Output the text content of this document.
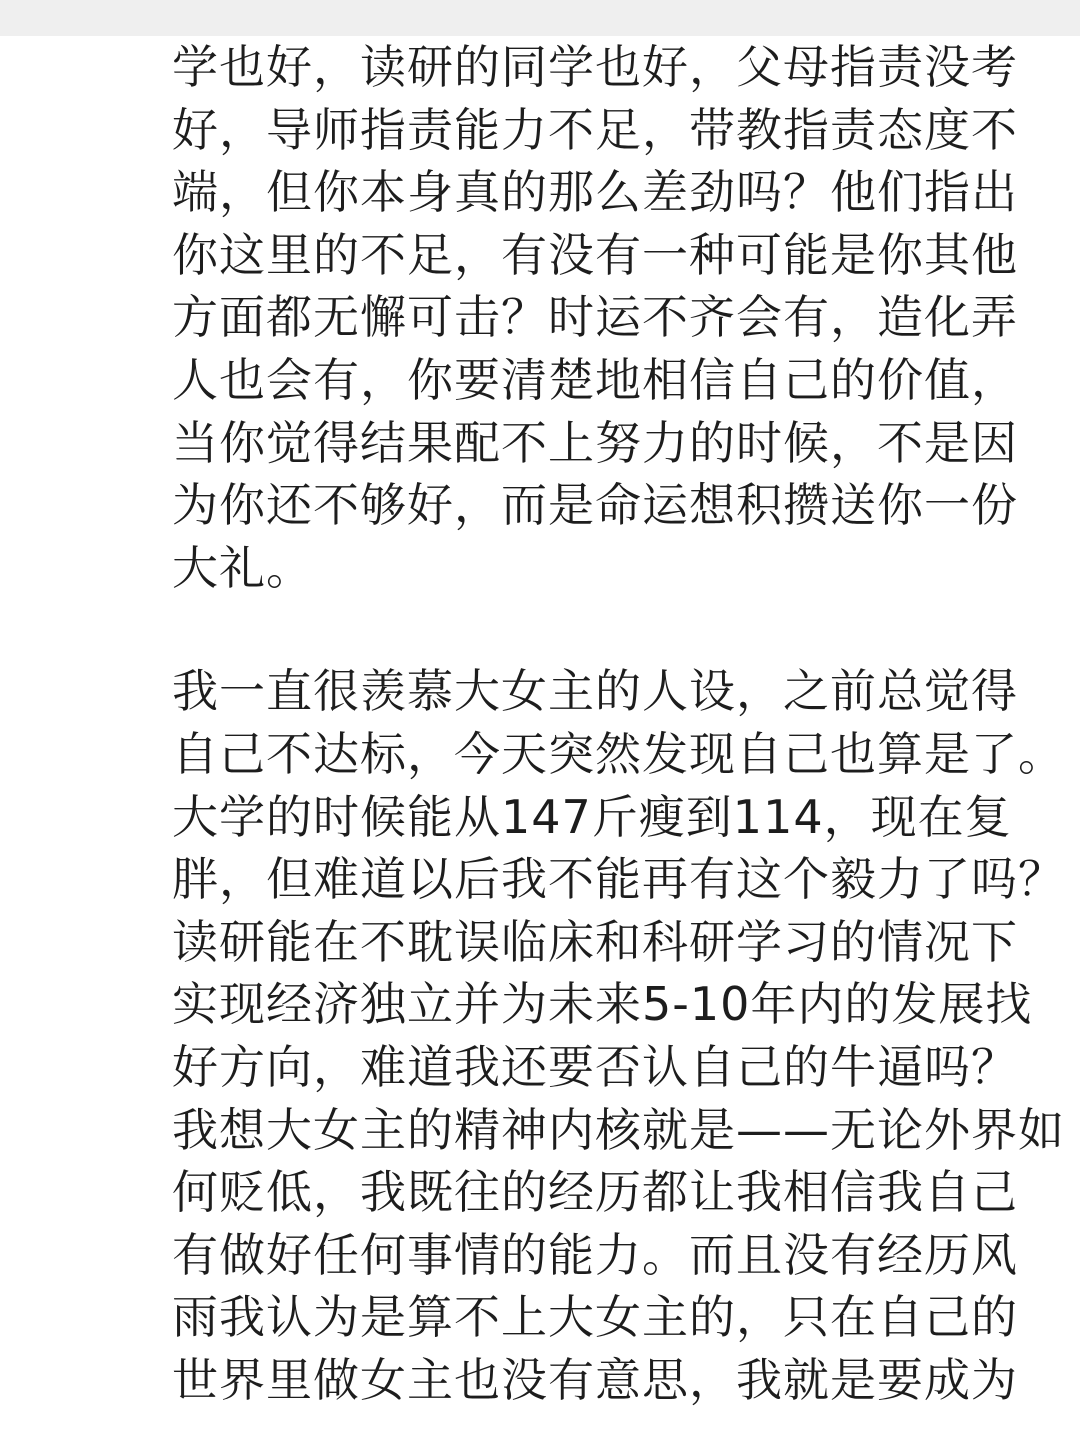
学也好，读研的同学也好，父母指责没考
好，导师指责能力不足，带教指责态度不
端，但你本身真的那么差劲吗？他们指出
你这里的不足，有没有一种可能是你其他
方面都无懈可击？时运不齐会有，造化弄
人也会有，你要清楚地相信自己的价值，
当你觉得结果配不上努力的时候，不是因
为你还不够好，而是命运想积攒送你一份
大礼。
我一直很羡慕大女主的人设，之前总觉得
自己不达标，今天突然发现自己也算是了。
大学的时候能从147斤瘦到114，现在复
胖，但难道以后我不能再有这个毅力了吗？
读研能在不耽误临床和科研学习的情况下
实现经济独立并为未来5-10年内的发展找
好方向，难道我还要否认自己的牛逼吗？
我想大女主的精神内核就是——无论外界如
何贬低，我既往的经历都让我相信我自己
有做好任何事情的能力。而且没有经历风
雨我认为是算不上大女主的，只在自己的
世界里做女主也没有意思，我就是要成为
